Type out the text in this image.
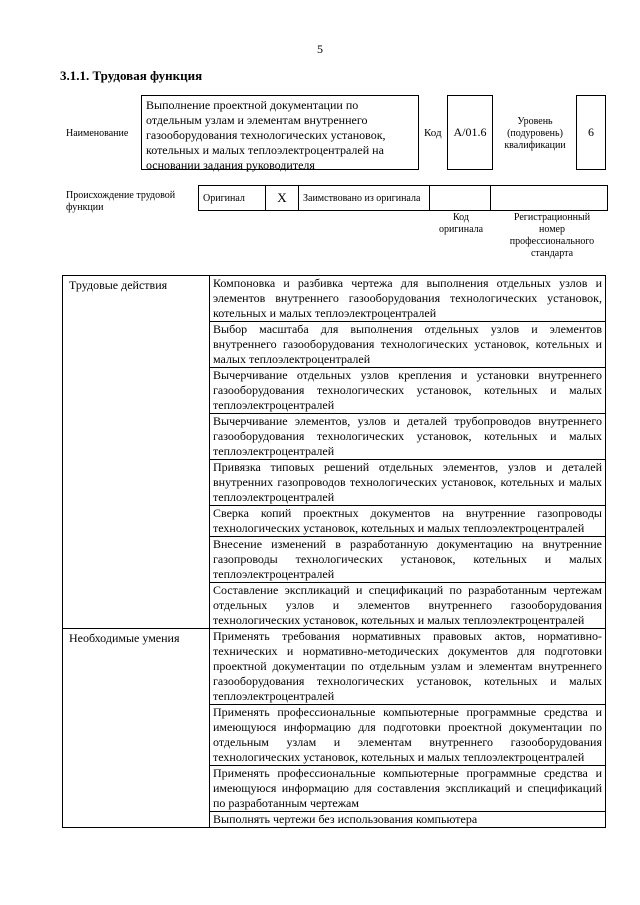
5
3.1.1. Трудовая функция
Наименование
Выполнение проектной документации по отдельным узлам и элементам внутреннего газооборудования технологических установок, котельных и малых теплоэлектроцентралей на основании задания руководителя
Код А/01.6
Уровень (подуровень) квалификации
6
Происхождение трудовой функции
Оригинал	X	Заимствовано из оригинала		
Код оригинала
Регистрационный номер профессионального стандарта
Трудовые действия	Компоновка и разбивка чертежа для выполнения отдельных узлов и элементов внутреннего газооборудования технологических установок, котельных и малых теплоэлектроцентралей
	Выбор масштаба для выполнения отдельных узлов и элементов внутреннего газооборудования технологических установок, котельных и малых теплоэлектроцентралей
	Вычерчивание отдельных узлов крепления и установки внутреннего газооборудования технологических установок, котельных и малых теплоэлектроцентралей
	Вычерчивание элементов, узлов и деталей трубопроводов внутреннего газооборудования технологических установок, котельных и малых теплоэлектроцентралей
	Привязка типовых решений отдельных элементов, узлов и деталей внутренних газопроводов технологических установок, котельных и малых теплоэлектроцентралей
	Сверка копий проектных документов на внутренние газопроводы технологических установок, котельных и малых теплоэлектроцентралей
	Внесение изменений в разработанную документацию на внутренние газопроводы технологических установок, котельных и малых теплоэлектроцентралей
	Составление экспликаций и спецификаций по разработанным чертежам отдельных узлов и элементов внутреннего газооборудования технологических установок, котельных и малых теплоэлектроцентралей
Необходимые умения	Применять требования нормативных правовых актов, нормативно-технических и нормативно-методических документов для подготовки проектной документации по отдельным узлам и элементам внутреннего газооборудования технологических установок, котельных и малых теплоэлектроцентралей
	Применять профессиональные компьютерные программные средства и имеющуюся информацию для подготовки проектной документации по отдельным узлам и элементам внутреннего газооборудования технологических установок, котельных и малых теплоэлектроцентралей
	Применять профессиональные компьютерные программные средства и имеющуюся информацию для составления экспликаций и спецификаций по разработанным чертежам
	Выполнять чертежи без использования компьютера
